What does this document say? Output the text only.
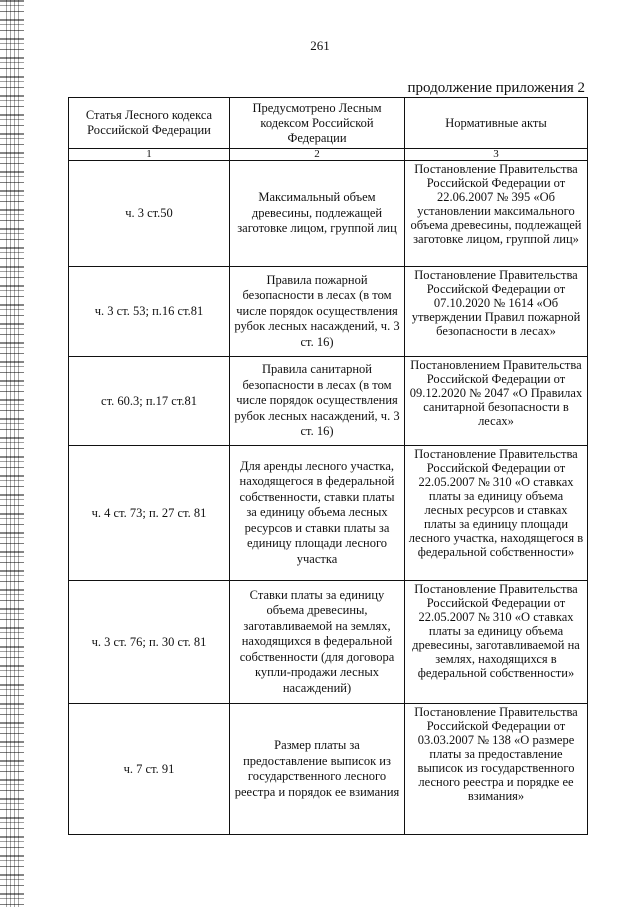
261
продолжение приложения 2
Статья Лесного кодекса Российской Федерации	Предусмотрено Лесным кодексом Российской Федерации	Нормативные акты
1	2	3
ч. 3 ст.50	Максимальный объем древесины, подлежащей заготовке лицом, группой лиц	Постановление Правительства Российской Федерации от 22.06.2007 № 395 «Об установлении максимального объема древесины, подлежащей заготовке лицом, группой лиц»
ч. 3 ст. 53; п.16 ст.81	Правила пожарной безопасности в лесах (в том числе порядок осуществления рубок лесных насаждений, ч. 3 ст. 16)	Постановление Правительства Российской Федерации от 07.10.2020 № 1614 «Об утверждении Правил пожарной безопасности в лесах»
ст. 60.3; п.17 ст.81	Правила санитарной безопасности в лесах (в том числе порядок осуществления рубок лесных насаждений, ч. 3 ст. 16)	Постановлением Правительства Российской Федерации от 09.12.2020 № 2047 «О Правилах санитарной безопасности в лесах»
ч. 4 ст. 73; п. 27 ст. 81	Для аренды лесного участка, находящегося в федеральной собственности, ставки платы за единицу объема лесных ресурсов и ставки платы за единицу площади лесного участка	Постановление Правительства Российской Федерации от 22.05.2007 № 310 «О ставках платы за единицу объема лесных ресурсов и ставках платы за единицу площади лесного участка, находящегося в федеральной собственности»
ч. 3 ст. 76; п. 30 ст. 81	Ставки платы за единицу объема древесины, заготавливаемой на землях, находящихся в федеральной собственности (для договора купли-продажи лесных насаждений)	Постановление Правительства Российской Федерации от 22.05.2007 № 310 «О ставках платы за единицу объема древесины, заготавливаемой на землях, находящихся в федеральной собственности»
ч. 7 ст. 91	Размер платы за предоставление выписок из государственного лесного реестра и порядок ее взимания	Постановление Правительства Российской Федерации от 03.03.2007 № 138 «О размере платы за предоставление выписок из государственного лесного реестра и порядке ее взимания»
